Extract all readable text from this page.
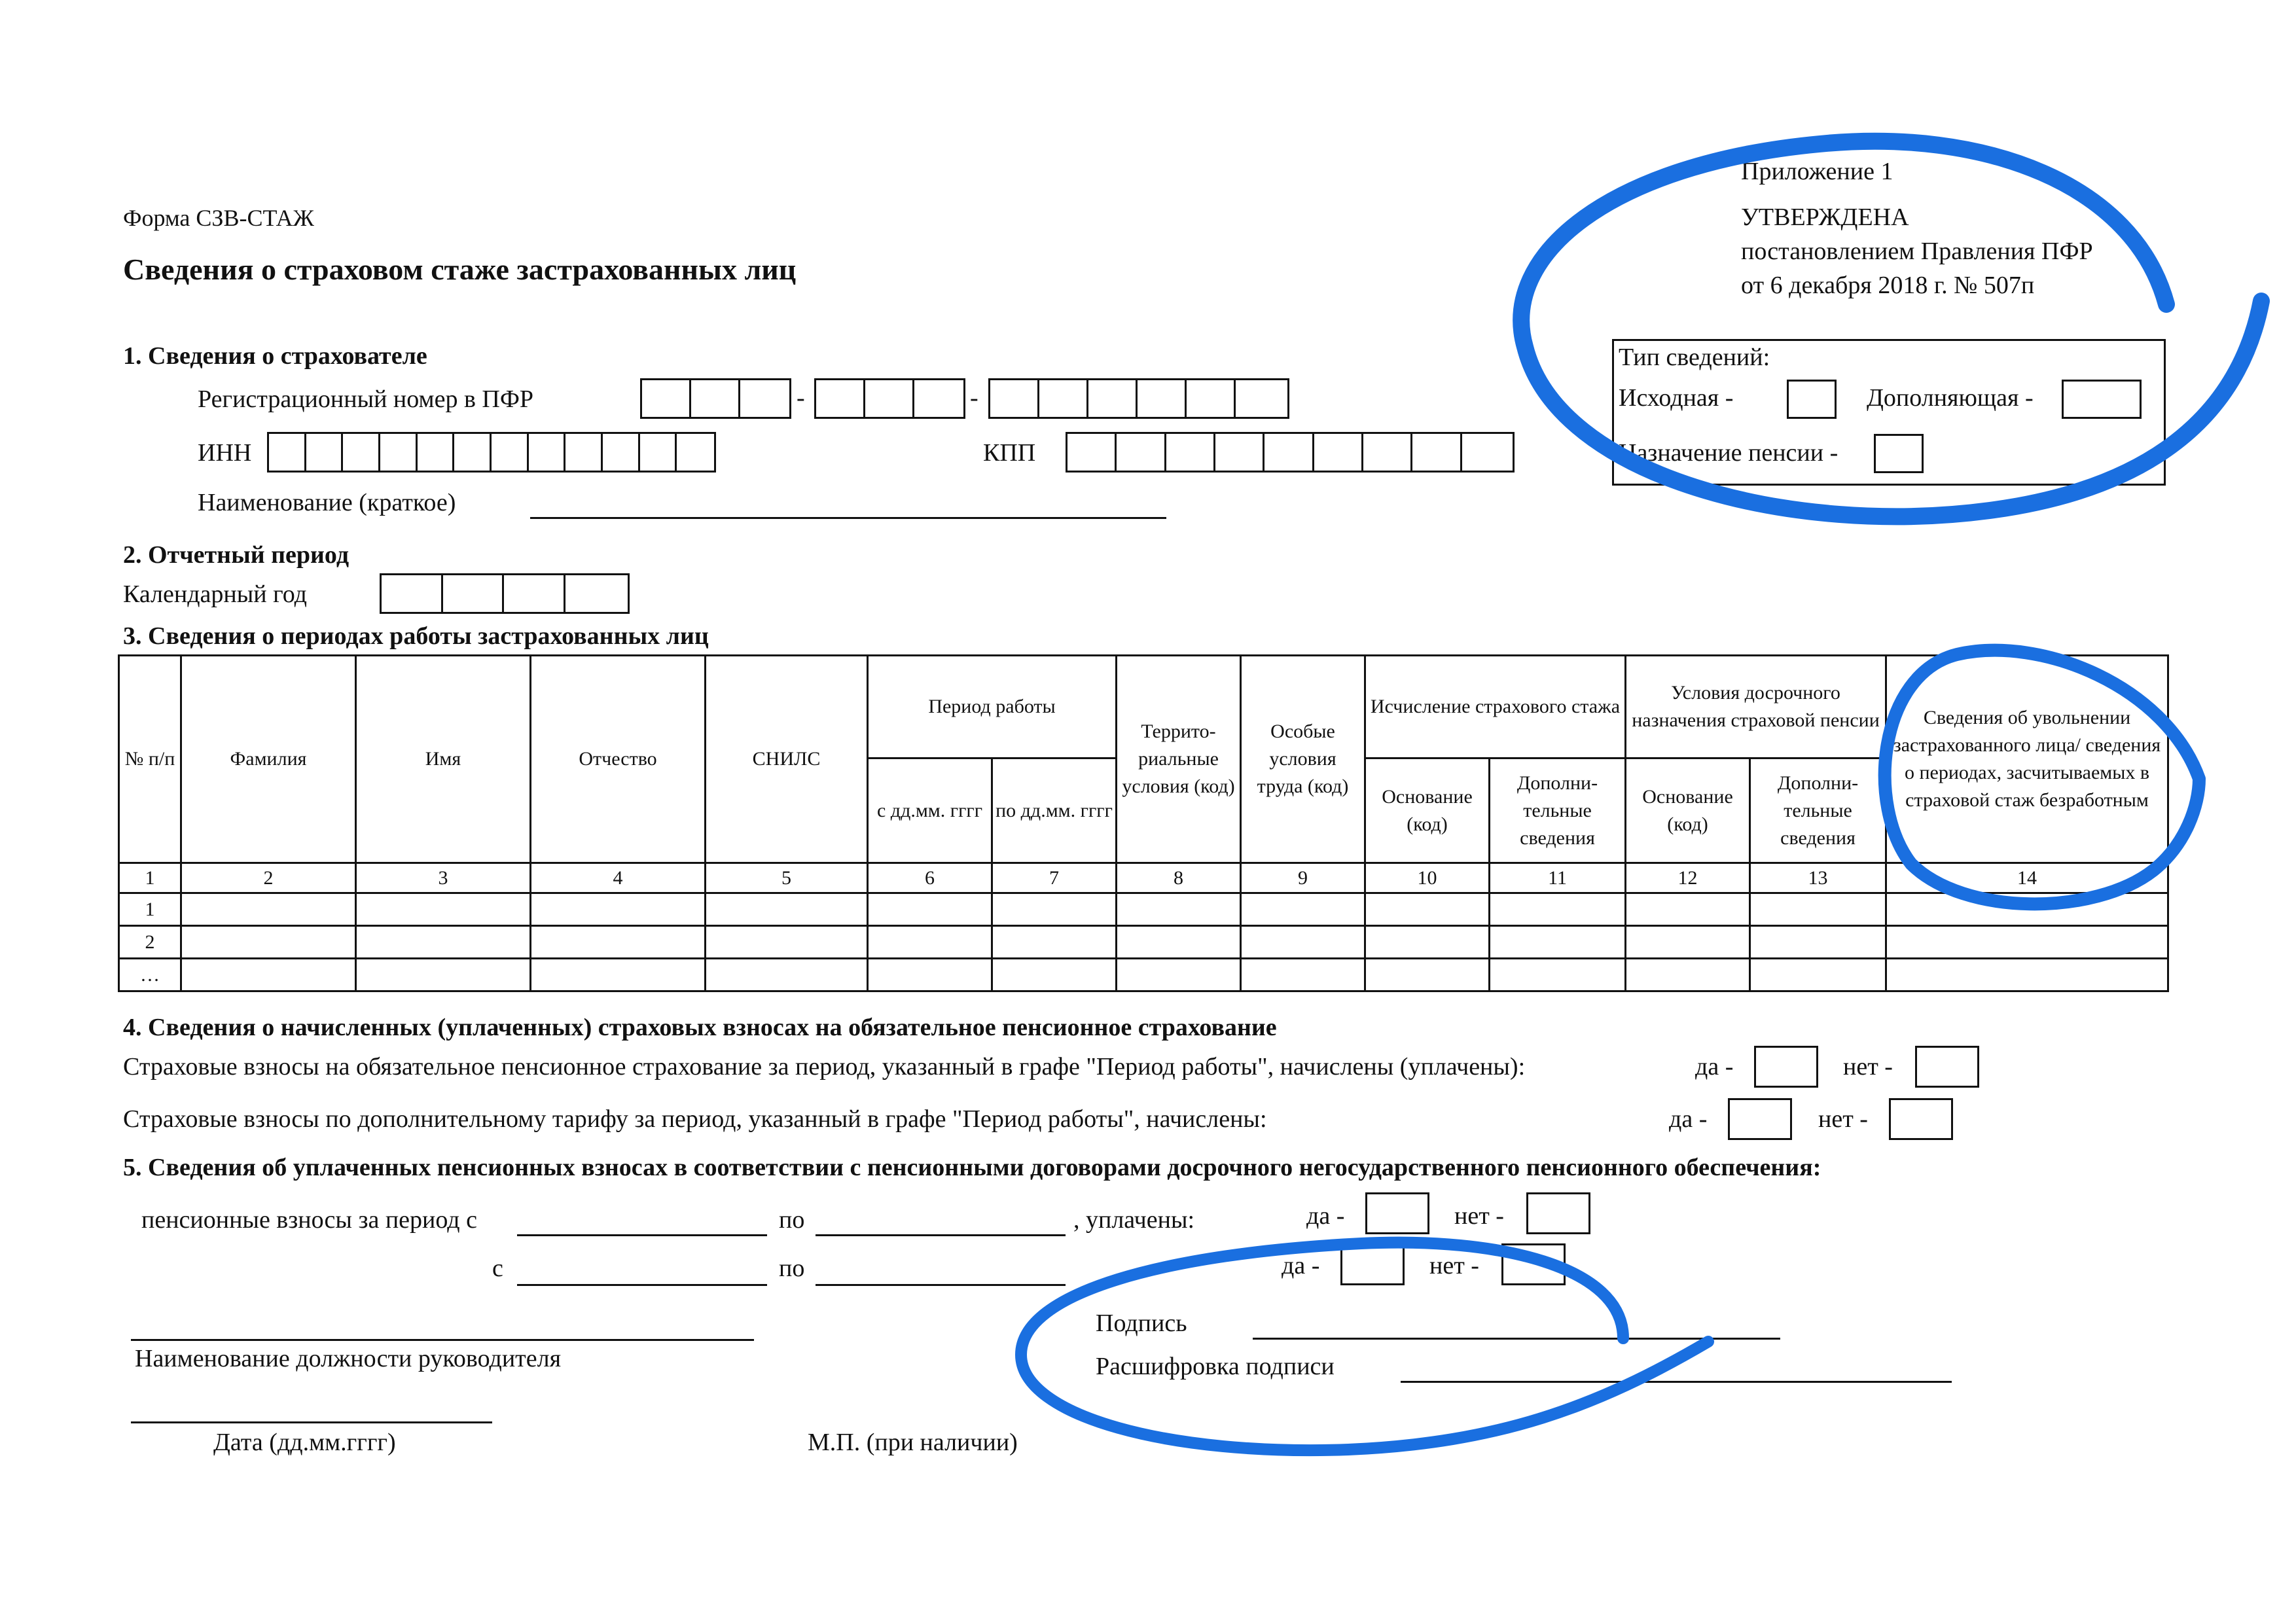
Приложение 1
УТВЕРЖДЕНА
постановлением Правления ПФР
от 6 декабря 2018 г. № 507п
Форма СЗВ-СТАЖ
Сведения о страховом стаже застрахованных лиц
Тип сведений:
Исходная -	Дополняющая -
Назначение пенсии -
1. Сведения о страхователе
Регистрационный номер в ПФР	-	-
ИНН	КПП
Наименование (краткое)
2. Отчетный период
Календарный год
3. Сведения о периодах работы застрахованных лиц
№ п/п	Фамилия	Имя	Отчество	СНИЛС	Период работы		Террито- риальные условия (код)	Особые условия труда (код)	Исчисление страхового стажа		Условия досрочного назначения страховой пенсии		Сведения об увольнении застрахованного лица/ сведения о периодах, засчитываемых в страховой стаж безработным
					с дд.мм. гггг	по дд.мм. гггг			Основание (код)	Дополни- тельные сведения	Основание (код)	Дополни- тельные сведения	
1	2	3	4	5	6	7	8	9	10	11	12	13	14
1													
2													
…													
4. Сведения о начисленных (уплаченных) страховых взносах на обязательное пенсионное страхование
Страховые взносы на обязательное пенсионное страхование за период, указанный в графе "Период работы", начислены (уплачены):	да -	нет -
Страховые взносы по дополнительному тарифу за период, указанный в графе "Период работы", начислены:	да -	нет -
5. Сведения об уплаченных пенсионных взносах в соответствии с пенсионными договорами досрочного негосударственного пенсионного обеспечения:
пенсионные взносы за период с	по	, уплачены:	да -	нет -
с	по	да -	нет -
Наименование должности руководителя
Подпись
Расшифровка подписи
Дата (дд.мм.гггг)	М.П. (при наличии)
